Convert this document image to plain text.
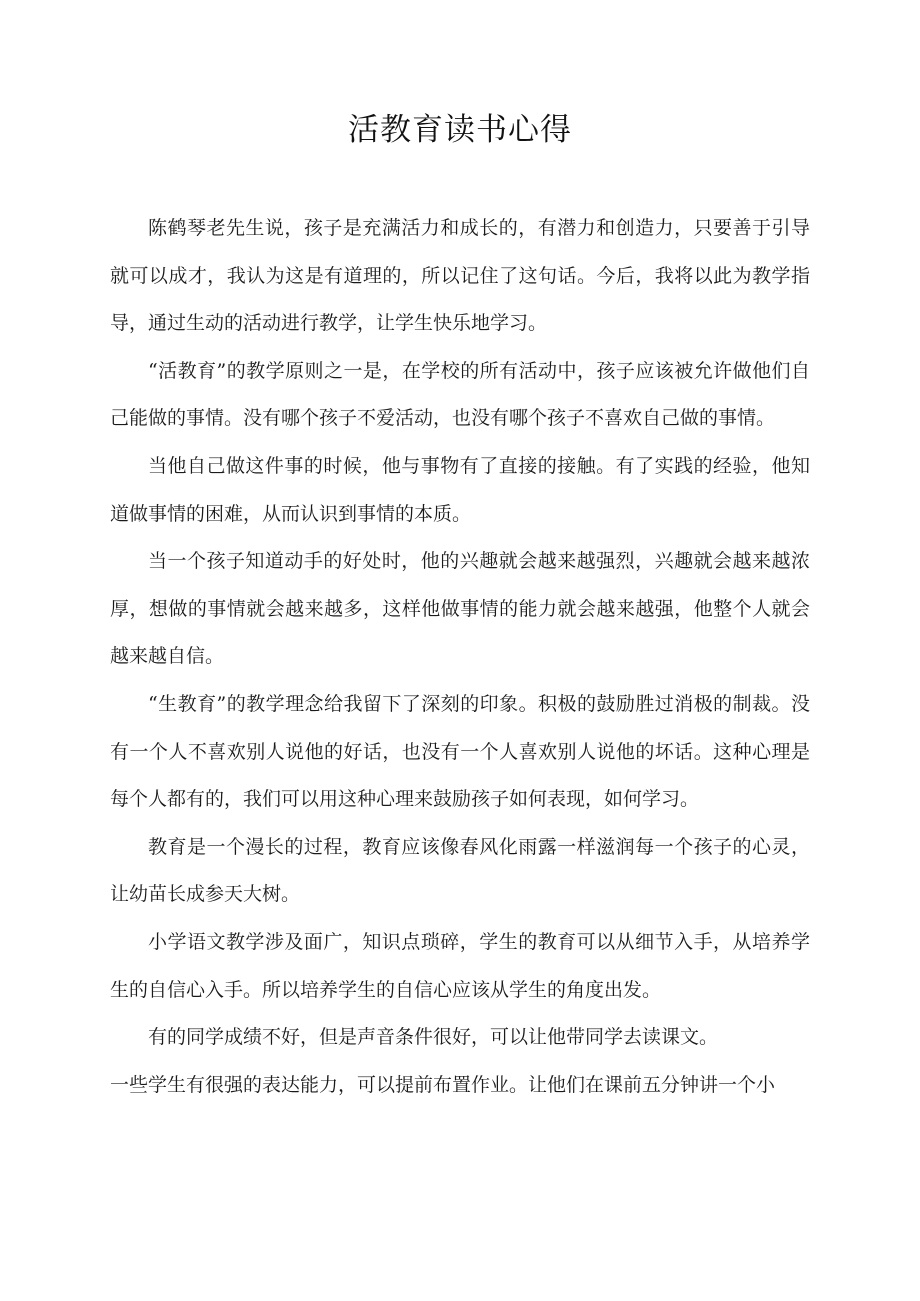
活教育读书心得

陈鹤琴老先生说，孩子是充满活力和成长的，有潜力和创造力，只要善于引导就可以成才，我认为这是有道理的，所以记住了这句话。今后，我将以此为教学指导，通过生动的活动进行教学，让学生快乐地学习。

“活教育”的教学原则之一是，在学校的所有活动中，孩子应该被允许做他们自己能做的事情。没有哪个孩子不爱活动，也没有哪个孩子不喜欢自己做的事情。

当他自己做这件事的时候，他与事物有了直接的接触。有了实践的经验，他知道做事情的困难，从而认识到事情的本质。

当一个孩子知道动手的好处时，他的兴趣就会越来越强烈，兴趣就会越来越浓厚，想做的事情就会越来越多，这样他做事情的能力就会越来越强，他整个人就会越来越自信。

“生教育”的教学理念给我留下了深刻的印象。积极的鼓励胜过消极的制裁。没有一个人不喜欢别人说他的好话，也没有一个人喜欢别人说他的坏话。这种心理是每个人都有的，我们可以用这种心理来鼓励孩子如何表现，如何学习。

教育是一个漫长的过程，教育应该像春风化雨露一样滋润每一个孩子的心灵，让幼苗长成参天大树。

小学语文教学涉及面广，知识点琐碎，学生的教育可以从细节入手，从培养学生的自信心入手。所以培养学生的自信心应该从学生的角度出发。

有的同学成绩不好，但是声音条件很好，可以让他带同学去读课文。

一些学生有很强的表达能力，可以提前布置作业。让他们在课前五分钟讲一个小
